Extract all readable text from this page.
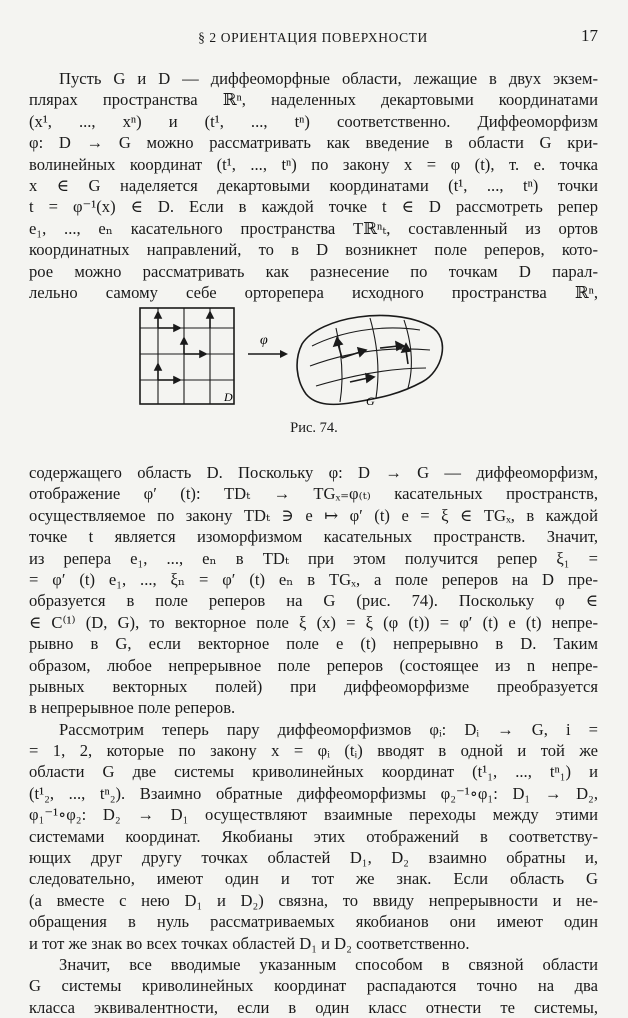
§ 2 ОРИЕНТАЦИЯ ПОВЕРХНОСТИ	17
Пусть G и D — диффеоморфные области, лежащие в двух экзем-
плярах пространства ℝⁿ, наделенных декартовыми координатами
(x¹, ..., xⁿ) и (t¹, ..., tⁿ) соответственно. Диффеоморфизм
φ: D → G можно рассматривать как введение в области G кри-
волинейных координат (t¹, ..., tⁿ) по закону x = φ (t), т. е. точка
x ∈ G наделяется декартовыми координатами (t¹, ..., tⁿ) точки
t = φ⁻¹(x) ∈ D. Если в каждой точке t ∈ D рассмотреть репер
e₁, ..., eₙ касательного пространства Tℝⁿₜ, составленный из ортов
координатных направлений, то в D возникнет поле реперов, кото-
рое можно рассматривать как разнесение по точкам D парал-
лельно самому себе орторепера исходного пространства ℝⁿ,
D
φ
G
Рис. 74.
содержащего область D. Поскольку φ: D → G — диффеоморфизм,
отображение φ′ (t): TDₜ → TGₓ₌φ₍ₜ₎ касательных пространств,
осуществляемое по закону TDₜ ∋ e ↦ φ′ (t) e = ξ ∈ TGₓ, в каждой
точке t является изоморфизмом касательных пространств. Значит,
из репера e₁, ..., eₙ в TDₜ при этом получится репер ξ₁ =
= φ′ (t) e₁, ..., ξₙ = φ′ (t) eₙ в TGₓ, а поле реперов на D пре-
образуется в поле реперов на G (рис. 74). Поскольку φ ∈
∈ C⁽¹⁾ (D, G), то векторное поле ξ (x) = ξ (φ (t)) = φ′ (t) e (t) непре-
рывно в G, если векторное поле e (t) непрерывно в D. Таким
образом, любое непрерывное поле реперов (состоящее из n непре-
рывных векторных полей) при диффеоморфизме преобразуется
в непрерывное поле реперов.
Рассмотрим теперь пару диффеоморфизмов φᵢ: Dᵢ → G, i =
= 1, 2, которые по закону x = φᵢ (tᵢ) вводят в одной и той же
области G две системы криволинейных координат (t¹₁, ..., tⁿ₁) и
(t¹₂, ..., tⁿ₂). Взаимно обратные диффеоморфизмы φ₂⁻¹∘φ₁: D₁ → D₂,
φ₁⁻¹∘φ₂: D₂ → D₁ осуществляют взаимные переходы между этими
системами координат. Якобианы этих отображений в соответству-
ющих друг другу точках областей D₁, D₂ взаимно обратны и,
следовательно, имеют один и тот же знак. Если область G
(а вместе с нею D₁ и D₂) связна, то ввиду непрерывности и не-
обращения в нуль рассматриваемых якобианов они имеют один
и тот же знак во всех точках областей D₁ и D₂ соответственно.
Значит, все вводимые указанным способом в связной области
G системы криволинейных координат распадаются точно на два
класса эквивалентности, если в один класс отнести те системы,
